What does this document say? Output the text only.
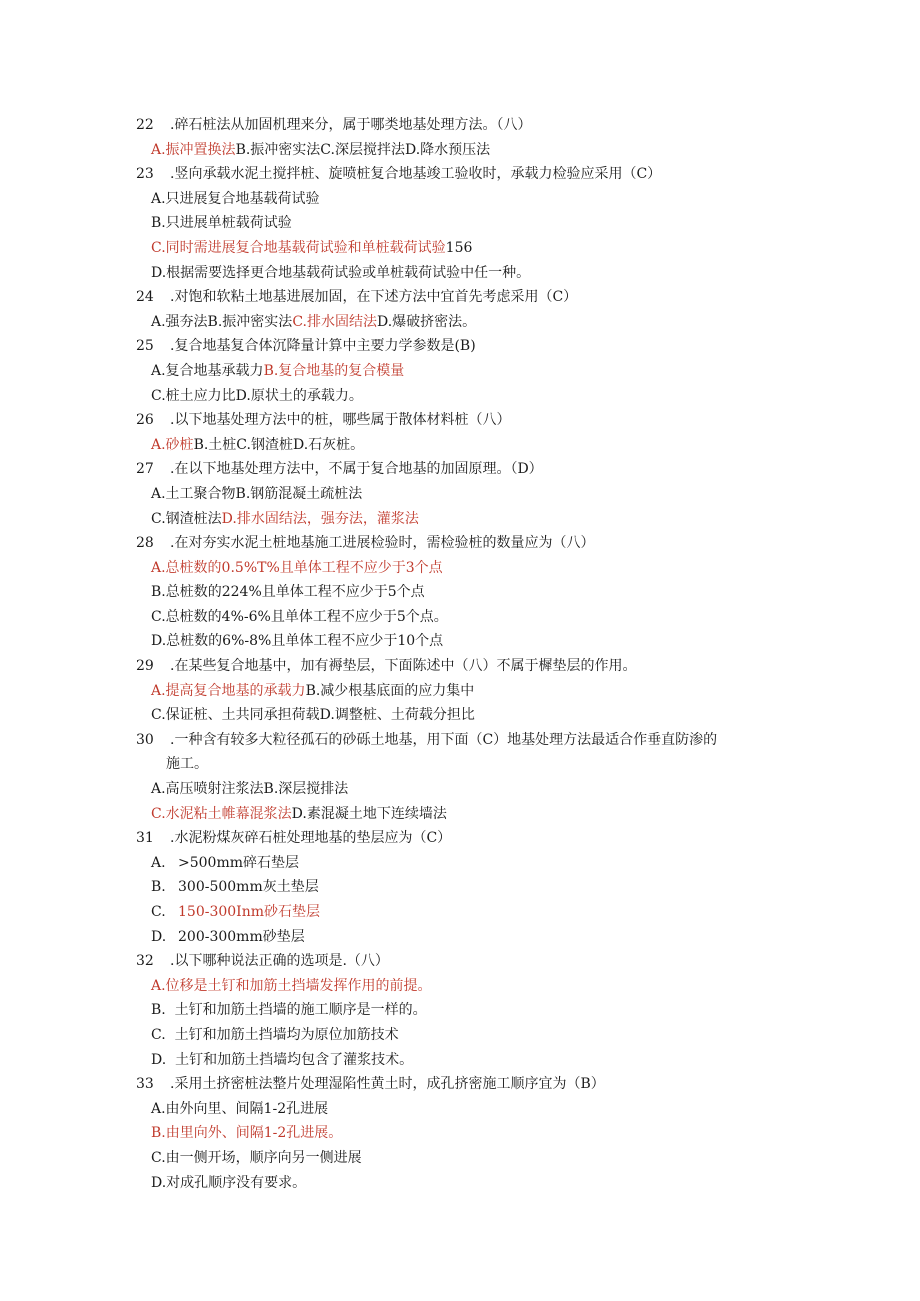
22 .碎石桩法从加固机理来分，属于哪类地基处理方法。（八）
A.振冲置换法B.振冲密实法C.深层搅拌法D.降水预压法
23 .竖向承载水泥土搅拌桩、旋喷桩复合地基竣工验收时，承载力检验应采用（C）
A.只进展复合地基载荷试验
B.只进展单桩载荷试验
C.同时需进展复合地基载荷试验和单桩载荷试验156
D.根据需要选择更合地基载荷试验或单桩载荷试验中任一种。
24 .对饱和软粘土地基进展加固，在下述方法中宜首先考虑采用（C）
A.强夯法B.振冲密实法C.排水固结法D.爆破挤密法。
25 .复合地基复合体沉降量计算中主要力学参数是(B)
A.复合地基承载力B.复合地基的复合模量
C.桩土应力比D.原状土的承载力。
26 .以下地基处理方法中的桩，哪些属于散体材料桩（八）
A.砂桩B.土桩C.钢渣桩D.石灰桩。
27 .在以下地基处理方法中，不属于复合地基的加固原理。（D）
A.土工聚合物B.钢筋混凝土疏桩法
C.钢渣桩法D.排水固结法，强夯法，灌浆法
28 .在对夯实水泥土桩地基施工进展检验时，需检验桩的数量应为（八）
A.总桩数的0.5%T%且单体工程不应少于3个点
B.总桩数的224%且单体工程不应少于5个点
C.总桩数的4%-6%且单体工程不应少于5个点。
D.总桩数的6%-8%且单体工程不应少于10个点
29 .在某些复合地基中，加有褥垫层，下面陈述中（八）不属于樨垫层的作用。
A.提高复合地基的承载力B.减少根基底面的应力集中
C.保证桩、土共同承担荷载D.调整桩、土荷载分担比
30 .一种含有较多大粒径孤石的砂砾土地基，用下面（C）地基处理方法最适合作垂直防渗的
施工。
A.高压喷射注浆法B.深层搅排法
C.水泥粘土帷幕混浆法D.素混凝土地下连续墙法
31 .水泥粉煤灰碎石桩处理地基的垫层应为（C）
A. >500mm碎石垫层
B. 300-500mm灰土垫层
C. 150-300Inm砂石垫层
D. 200-300mm砂垫层
32 .以下哪种说法正确的选项是.（八）
A.位移是土钉和加筋土挡墙发挥作用的前提。
B.  土钉和加筋土挡墙的施工顺序是一样的。
C.  土钉和加筋土挡墙均为原位加筋技术
D.  土钉和加筋土挡墙均包含了灌浆技术。
33 .采用土挤密桩法整片处理湿陷性黄土时，成孔挤密施工顺序宜为（B）
A.由外向里、间隔1-2孔进展
B.由里向外、间隔1-2孔进展。
C.由一侧开场，顺序向另一侧进展
D.对成孔顺序没有要求。
